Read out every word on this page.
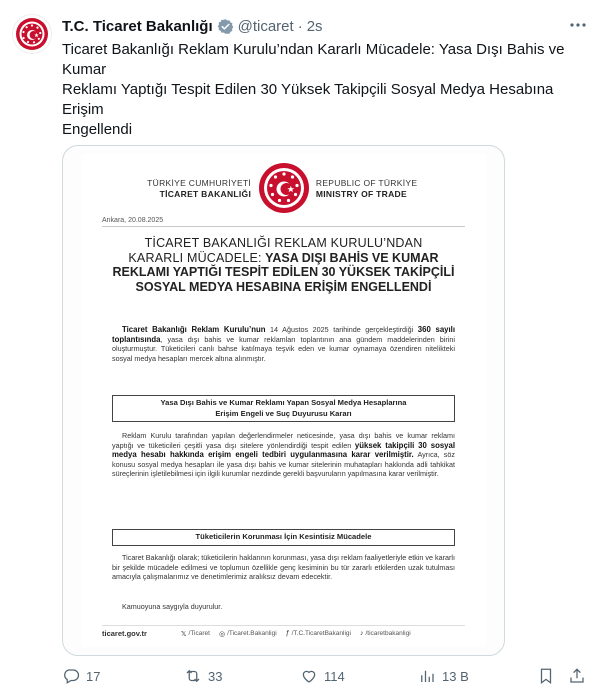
T.C. Ticaret Bakanlığı @ticaret · 2s

Ticaret Bakanlığı Reklam Kurulu’ndan Kararlı Mücadele: Yasa Dışı Bahis ve Kumar

Reklamı Yaptığı Tespit Edilen 30 Yüksek Takipçili Sosyal Medya Hesabına Erişim

Engellendi

TÜRKİYE CUMHURİYETİ
TİCARET BAKANLIĞI
REPUBLIC OF TÜRKİYE
MINISTRY OF TRADE
Ankara, 20.08.2025
TİCARET BAKANLIĞI REKLAM KURULU’NDAN
KARARLI MÜCADELE: YASA DIŞI BAHİS VE KUMAR
REKLAMI YAPTIĞI TESPİT EDİLEN 30 YÜKSEK TAKİPÇİLİ
SOSYAL MEDYA HESABINA ERİŞİM ENGELLENDİ
Ticaret Bakanlığı Reklam Kurulu’nun 14 Ağustos 2025 tarihinde gerçekleştirdiği 360 sayılı toplantısında, yasa dışı bahis ve kumar reklamları toplantının ana gündem maddelerinden birini oluşturmuştur. Tüketicileri canlı bahse katılmaya teşvik eden ve kumar oynamaya özendiren nitelikteki sosyal medya hesapları mercek altına alınmıştır.
Yasa Dışı Bahis ve Kumar Reklamı Yapan Sosyal Medya Hesaplarına
Erişim Engeli ve Suç Duyurusu Kararı
Reklam Kurulu tarafından yapılan değerlendirmeler neticesinde, yasa dışı bahis ve kumar reklamı yaptığı ve tüketicileri çeşitli yasa dışı sitelere yönlendirdiği tespit edilen yüksek takipçili 30 sosyal medya hesabı hakkında erişim engeli tedbiri uygulanmasına karar verilmiştir. Ayrıca, söz konusu sosyal medya hesapları ile yasa dışı bahis ve kumar sitelerinin muhatapları hakkında adli tahkikat süreçlerinin işletilebilmesi için ilgili kurumlar nezdinde gerekli başvuruların yapılmasına karar verilmiştir.
Tüketicilerin Korunması İçin Kesintisiz Mücadele
Ticaret Bakanlığı olarak; tüketicilerin haklarının korunması, yasa dışı reklam faaliyetleriyle etkin ve kararlı bir şekilde mücadele edilmesi ve toplumun özellikle genç kesiminin bu tür zararlı etkilerden uzak tutulması amacıyla çalışmalarımız ve denetimlerimiz aralıksız devam edecektir.
Kamuoyuna saygıyla duyurulur.
ticaret.gov.tr	𝕏 /Ticaret ◎ /Ticaret.Bakanligi ƒ /T.C.TicaretBakanligi ♪ /ticaretbakanligi
17	33	114	13 B
